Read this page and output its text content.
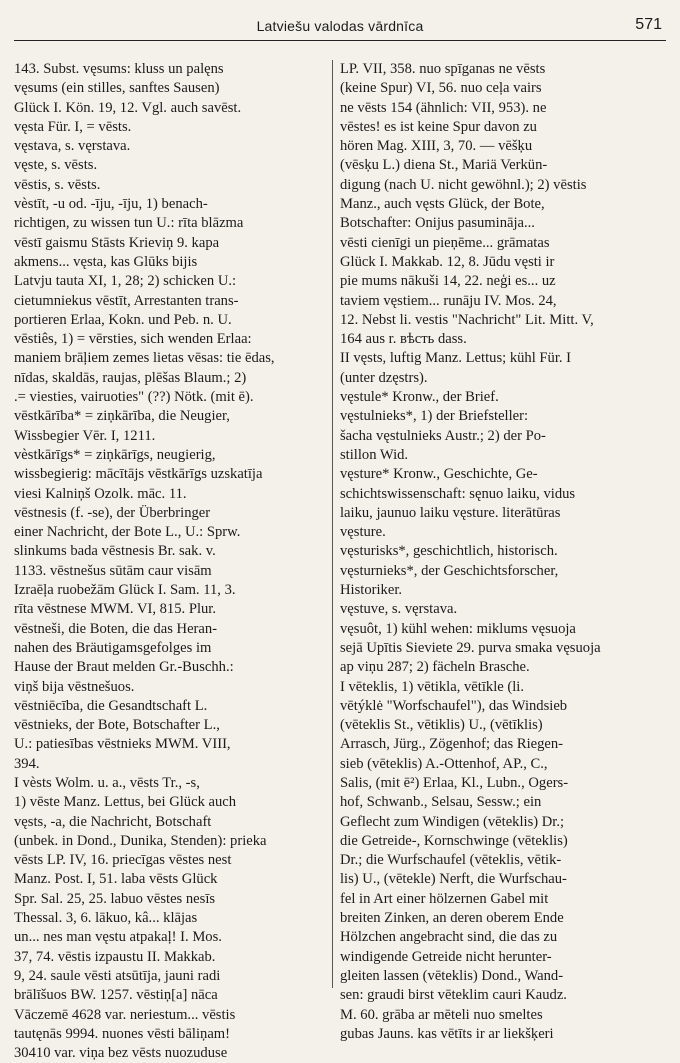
Latviešu valodas vārdnīca	571
143. Subst. vęsums: kluss un palęns
vęsums (ein stilles, sanftes Sausen)
Glück I. Kön. 19, 12. Vgl. auch savēst.
vęsta Für. I, = vēsts.
vęstava, s. vęrstava.
vęste, s. vēsts.
vēstis, s. vēsts.
vèstīt, -u od. -īju, -īju, 1) benach-
richtigen, zu wissen tun U.: rīta blāzma
vēstī gaismu Stāsts Krieviņ 9. kapa
akmens... vęsta, kas Glūks bijis
Latvju tauta XI, 1, 28; 2) schicken U.:
cietumniekus vēstīt, Arrestanten trans-
portieren Erlaa, Kokn. und Peb. n. U.
vēstiês, 1) = vērsties, sich wenden Erlaa:
maniem brāļiem zemes lietas vēsas: tie ēdas,
nīdas, skaldās, raujas, plēšas Blaum.; 2)
.= viesties, vairuoties" (??) Nötk. (mit ē).
vēstkārība* = ziņkārība, die Neugier,
Wissbegier Vēr. I, 1211.
vèstkārīgs* = ziņkārīgs, neugierig,
wissbegierig: mācītājs vēstkārīgs uzskatīja
viesi Kalniņš Ozolk. māc. 11.
vēstnesis (f. -se), der Überbringer
einer Nachricht, der Bote L., U.: Sprw.
slinkums bada vēstnesis Br. sak. v.
1133. vēstnešus sūtām caur visām
Izraēļa ruobežām Glück I. Sam. 11, 3.
rīta vēstnese MWM. VI, 815. Plur.
vēstneši, die Boten, die das Heran-
nahen des Bräutigamsgefolges im
Hause der Braut melden Gr.-Buschh.:
viņš bija vēstnešuos.
vēstniēcība, die Gesandtschaft L.
vēstnieks, der Bote, Botschafter L.,
U.: patiesības vēstnieks MWM. VIII,
394.
I vèsts Wolm. u. a., vēsts Tr., -s,
1) vēste Manz. Lettus, bei Glück auch
vęsts, -a, die Nachricht, Botschaft
(unbek. in Dond., Dunika, Stenden): prieka
vēsts LP. IV, 16. priecīgas vēstes nest
Manz. Post. I, 51. laba vēsts Glück
Spr. Sal. 25, 25. labuo vēstes nesīs
Thessal. 3, 6. lākuo, kâ... klājas
un... nes man vęstu atpakaļ! I. Mos.
37, 74. vēstis izpaustu II. Makkab.
9, 24. saule vēsti atsūtīja, jauni radi
brālīšuos BW. 1257. vēstiņ[a] nāca
Vāczemē 4628 var. neriestum... vēstis
tautęnās 9994. nuones vēsti bāliņam!
30410 var. viņa bez vēsts nuozuduse
LP. VII, 358. nuo spīganas ne vēsts
(keine Spur) VI, 56. nuo ceļa vairs
ne vēsts 154 (ähnlich: VII, 953). ne
vēstes! es ist keine Spur davon zu
hören Mag. XIII, 3, 70. — vēšķu
(vēsķu L.) diena St., Mariä Verkün-
digung (nach U. nicht gewöhnl.); 2) vēstis
Manz., auch vęsts Glück, der Bote,
Botschafter: Onijus pasumināja...
vēsti cienīgi un pieņēme... grāmatas
Glück I. Makkab. 12, 8. Jūdu vęsti ir
pie mums nākuši 14, 22. neģi es... uz
taviem vęstiem... runāju IV. Mos. 24,
12. Nebst li. vestis "Nachricht" Lit. Mitt. V,
164 aus r. вѣсть dass.
II vęsts, luftig Manz. Lettus; kühl Für. I
(unter dzęstrs).
vęstule* Kronw., der Brief.
vęstulnieks*, 1) der Briefsteller:
šacha vęstulnieks Austr.; 2) der Po-
stillon Wid.
vęsture* Kronw., Geschichte, Ge-
schichtswissenschaft: sęnuo laiku, vidus
laiku, jaunuo laiku vęsture. literātūras
vęsture.
vęsturisks*, geschichtlich, historisch.
vęsturnieks*, der Geschichtsforscher,
Historiker.
vęstuve, s. vęrstava.
vęsuôt, 1) kühl wehen: miklums vęsuoja
sejā Upītis Sieviete 29. purva smaka vęsuoja
ap viņu 287; 2) fächeln Brasche.
I vēteklis, 1) vētikla, vētīkle (li.
vētýklė "Worfschaufel"), das Windsieb
(vēteklis St., vētiklis) U., (vētīklis)
Arrasch, Jürg., Zögenhof; das Riegen-
sieb (vēteklis) A.-Ottenhof, AP., C.,
Salis, (mit ē²) Erlaa, Kl., Lubn., Ogers-
hof, Schwanb., Selsau, Sessw.; ein
Geflecht zum Windigen (vēteklis) Dr.;
die Getreide-, Kornschwinge (vēteklis)
Dr.; die Wurfschaufel (vēteklis, vētik-
lis) U., (vētekle) Nerft, die Wurfschau-
fel in Art einer hölzernen Gabel mit
breiten Zinken, an deren oberem Ende
Hölzchen angebracht sind, die das zu
windigende Getreide nicht herunter-
gleiten lassen (vēteklis) Dond., Wand-
sen: graudi birst vēteklim cauri Kaudz.
M. 60. grāba ar mēteli nuo smeltes
gubas Jauns. kas vētīts ir ar liekšķeri
